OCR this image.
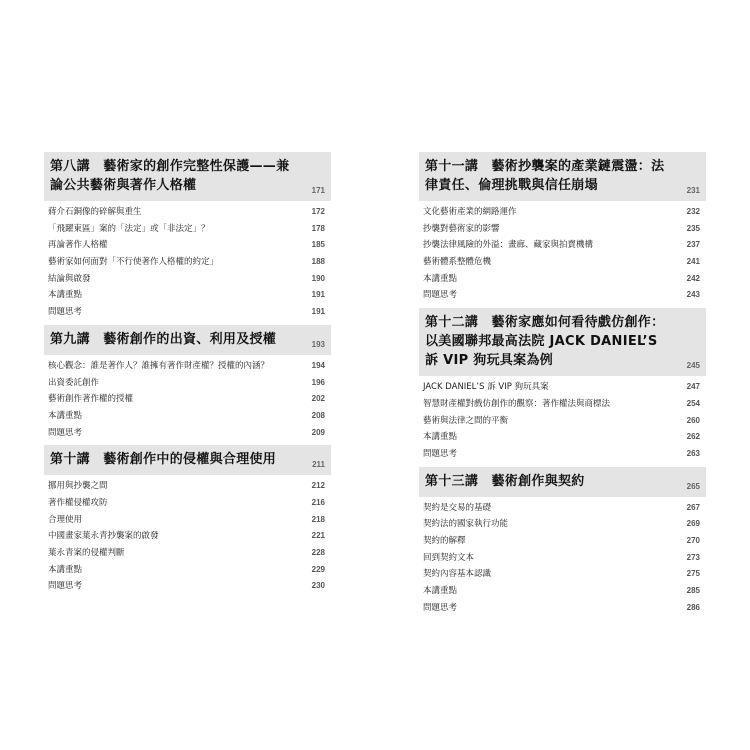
第八講　藝術家的創作完整性保護——兼論公共藝術與著作人格權	171
蔣介石銅像的碎解與重生	172
「飛躍東區」案的「法定」或「非法定」？	178
再論著作人格權	185
藝術家如何面對「不行使著作人格權的約定」	188
結論與啟發	190
本講重點	191
問題思考	191
第九講　藝術創作的出資、利用及授權	193
核心觀念：誰是著作人？誰擁有著作財產權？授權的內涵？	194
出資委託創作	196
藝術創作著作權的授權	202
本講重點	208
問題思考	209
第十講　藝術創作中的侵權與合理使用	211
挪用與抄襲之間	212
著作權侵權攻防	216
合理使用	218
中國畫家葉永青抄襲案的啟發	221
葉永青案的侵權判斷	228
本講重點	229
問題思考	230
第十一講　藝術抄襲案的產業鏈震盪：法律責任、倫理挑戰與信任崩塌	231
文化藝術產業的網路運作	232
抄襲對藝術家的影響	235
抄襲法律風險的外溢：畫廊、藏家與拍賣機構	237
藝術體系整體危機	241
本講重點	242
問題思考	243
第十二講　藝術家應如何看待戲仿創作：以美國聯邦最高法院 JACK DANIEL’S 訴 VIP 狗玩具案為例	245
JACK DANIEL’S 訴 VIP 狗玩具案	247
智慧財產權對戲仿創作的觀察：著作權法與商標法	254
藝術與法律之間的平衡	260
本講重點	262
問題思考	263
第十三講　藝術創作與契約	265
契約是交易的基礎	267
契約法的國家執行功能	269
契約的解釋	270
回到契約文本	273
契約內容基本認識	275
本講重點	285
問題思考	286
